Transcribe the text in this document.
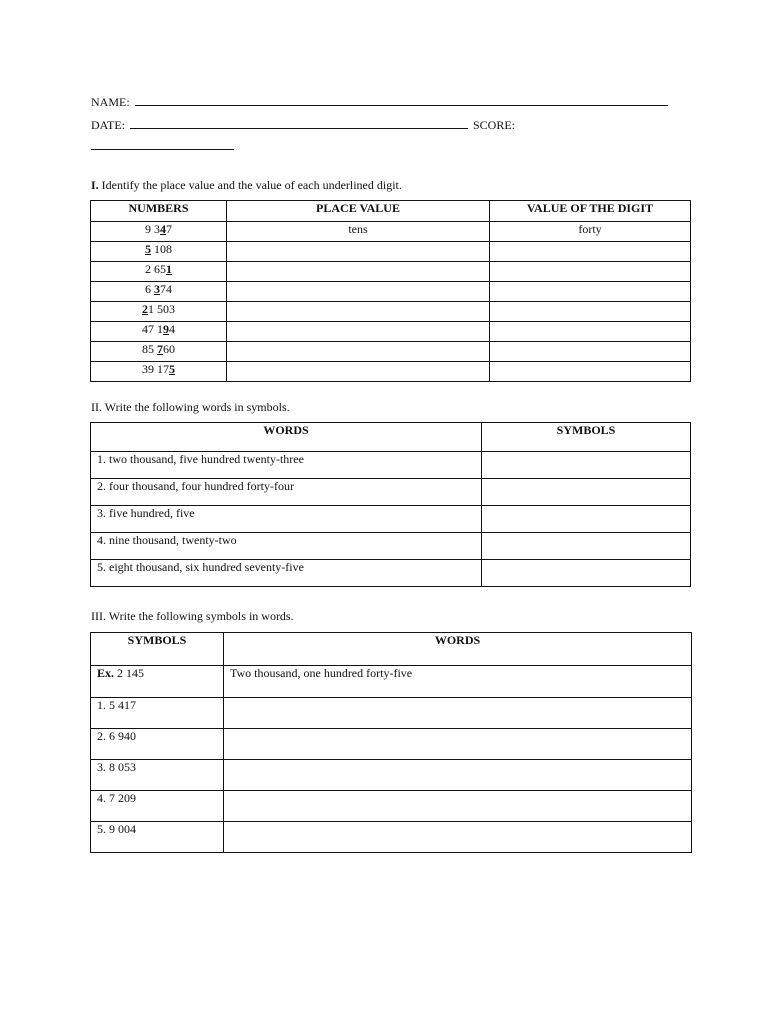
NAME:
DATE:	SCORE:
I. Identify the place value and the value of each underlined digit.
NUMBERS	PLACE VALUE	VALUE OF THE DIGIT
9 347	tens	forty
5 108		
2 651		
6 374		
21 503		
47 194		
85 760		
39 175		
II. Write the following words in symbols.
WORDS	SYMBOLS
1. two thousand, five hundred twenty-three	
2. four thousand, four hundred forty-four	
3. five hundred, five	
4. nine thousand, twenty-two	
5. eight thousand, six hundred seventy-five	
III. Write the following symbols in words.
SYMBOLS	WORDS
Ex. 2 145	Two thousand, one hundred forty-five
1. 5 417	
2. 6 940	
3. 8 053	
4. 7 209	
5. 9 004	
